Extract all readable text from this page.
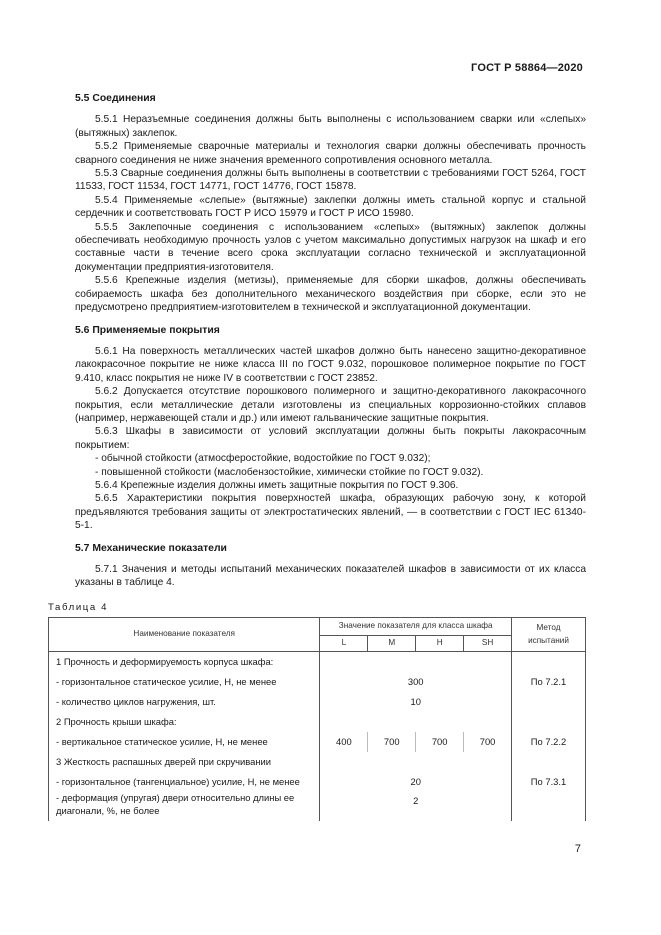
ГОСТ Р 58864—2020
5.5 Соединения

5.5.1 Неразъемные соединения должны быть выполнены с использованием сварки или «слепых» (вытяжных) заклепок.

5.5.2 Применяемые сварочные материалы и технология сварки должны обеспечивать прочность сварного соединения не ниже значения временного сопротивления основного металла.

5.5.3 Сварные соединения должны быть выполнены в соответствии с требованиями ГОСТ 5264, ГОСТ 11533, ГОСТ 11534, ГОСТ 14771, ГОСТ 14776, ГОСТ 15878.

5.5.4 Применяемые «слепые» (вытяжные) заклепки должны иметь стальной корпус и стальной сердечник и соответствовать ГОСТ Р ИСО 15979 и ГОСТ Р ИСО 15980.

5.5.5 Заклепочные соединения с использованием «слепых» (вытяжных) заклепок должны обеспечивать необходимую прочность узлов с учетом максимально допустимых нагрузок на шкаф и его составные части в течение всего срока эксплуатации согласно технической и эксплуатационной документации предприятия-изготовителя.

5.5.6 Крепежные изделия (метизы), применяемые для сборки шкафов, должны обеспечивать собираемость шкафа без дополнительного механического воздействия при сборке, если это не предусмотрено предприятием-изготовителем в технической и эксплуатационной документации.

5.6 Применяемые покрытия

5.6.1 На поверхность металлических частей шкафов должно быть нанесено защитно-декоративное лакокрасочное покрытие не ниже класса III по ГОСТ 9.032, порошковое полимерное покрытие по ГОСТ 9.410, класс покрытия не ниже IV в соответствии с ГОСТ 23852.

5.6.2 Допускается отсутствие порошкового полимерного и защитно-декоративного лакокрасочного покрытия, если металлические детали изготовлены из специальных коррозионно-стойких сплавов (например, нержавеющей стали и др.) или имеют гальванические защитные покрытия.

5.6.3 Шкафы в зависимости от условий эксплуатации должны быть покрыты лакокрасочным покрытием:

- обычной стойкости (атмосферостойкие, водостойкие по ГОСТ 9.032);

- повышенной стойкости (маслобензостойкие, химически стойкие по ГОСТ 9.032).

5.6.4 Крепежные изделия должны иметь защитные покрытия по ГОСТ 9.306.

5.6.5 Характеристики покрытия поверхностей шкафа, образующих рабочую зону, к которой предъявляются требования защиты от электростатических явлений, — в соответствии с ГОСТ IEC 61340-5-1.

5.7 Механические показатели

5.7.1 Значения и методы испытаний механических показателей шкафов в зависимости от их класса указаны в таблице 4.

Таблица 4
Наименование показателя	Значение показателя для класса шкафа				Метод испытаний
	L	M	H	SH	
1 Прочность и деформируемость корпуса шкафа:					
- горизонтальное статическое усилие, Н, не менее	300				По 7.2.1
- количество циклов нагружения, шт.	10				
2 Прочность крыши шкафа:					
- вертикальное статическое усилие, Н, не менее	400	700	700	700	По 7.2.2
3 Жесткость распашных дверей при скручивании					
- горизонтальное (тангенциальное) усилие, Н, не менее	20				По 7.3.1
- деформация (упругая) двери относительно длины ее диагонали, %, не более	2				
7
